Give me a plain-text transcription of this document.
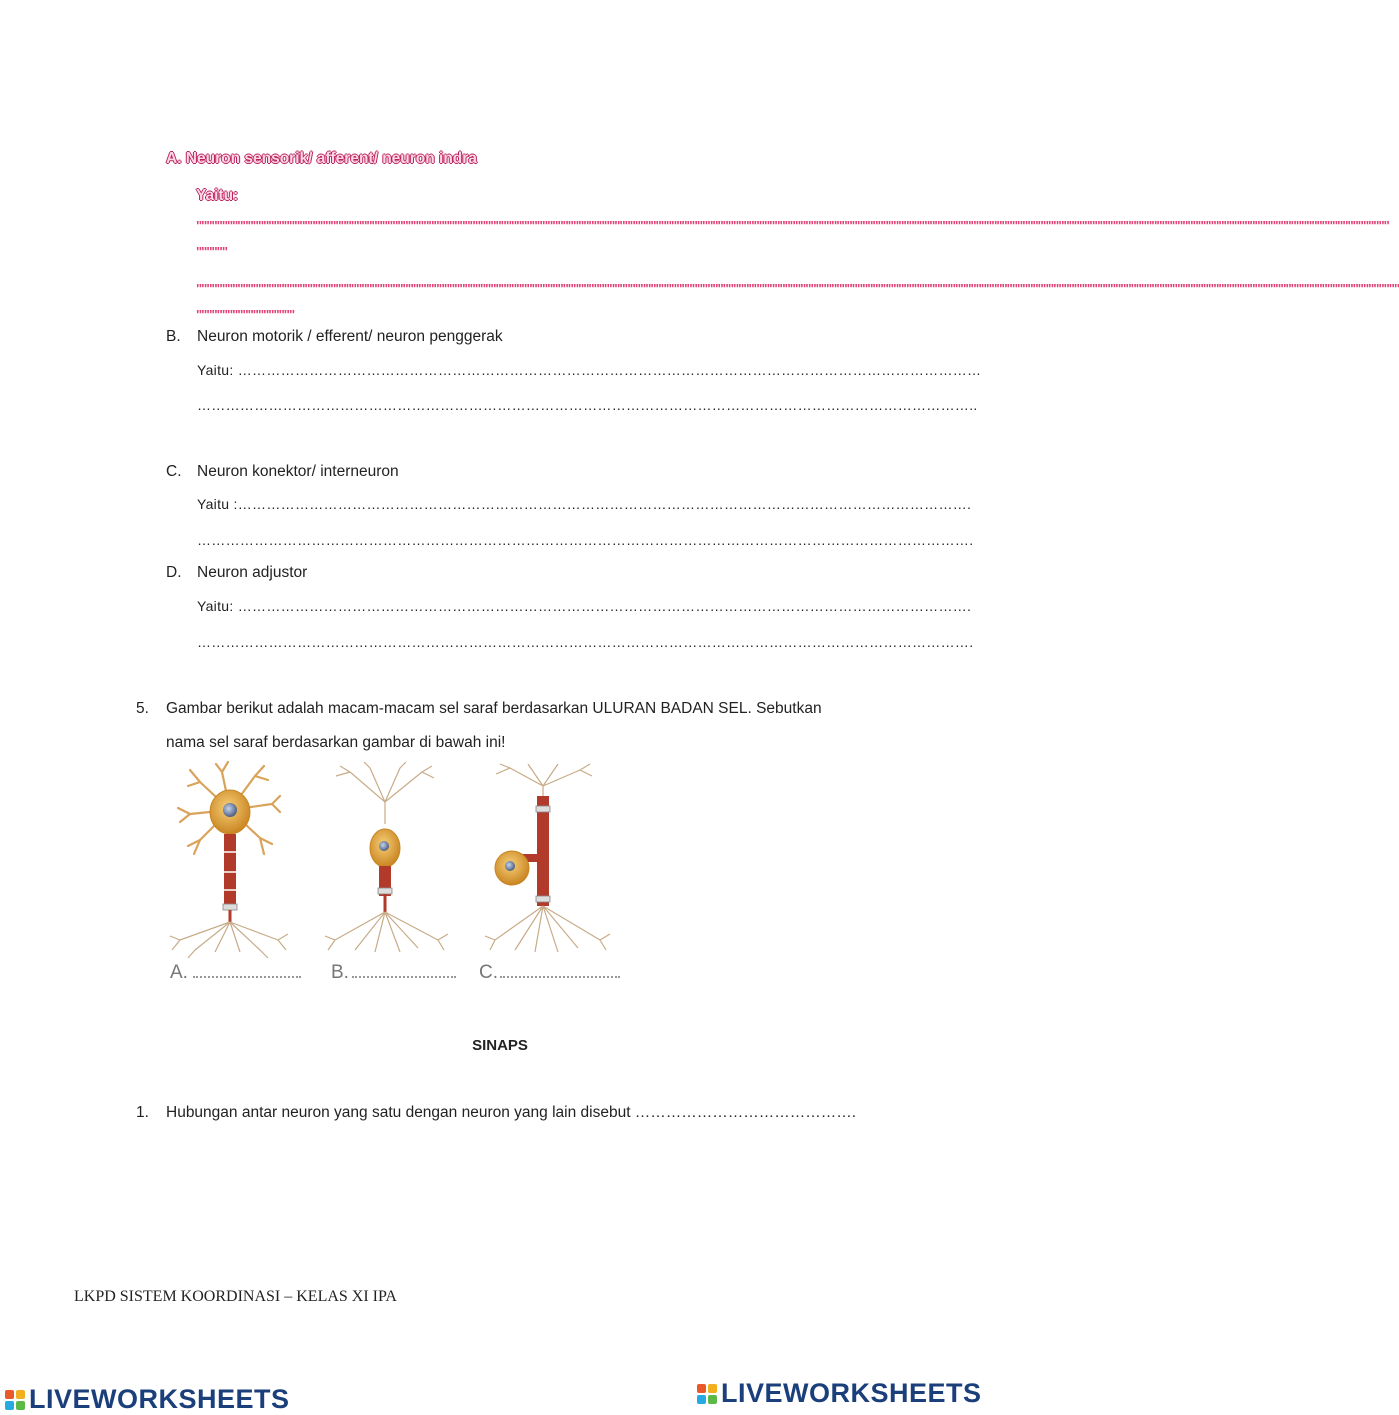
A. Neuron sensorik/ afferent/ neuron indra
Yaitu:
"""""""""""""""""""""""""""""""""""""""""""""""""""""""""""""""""""""""""""""""""""""""""""""""""""""""""""""""""""""""""""""""""""""""""""""""""""""""""""""""""""""""""""""""""""""""""""""""""""""""""""""""""""""""""""""""""""""""
""""""
"""""""""""""""""""""""""""""""""""""""""""""""""""""""""""""""""""""""""""""""""""""""""""""""""""""""""""""""""""""""""""""""""""""""""""""""""""""""""""""""""""""""""""""""""""""""""""""""""""""""""""""""""""""""""""""""""""""""""
"""""""""""""""""""
B. Neuron motorik / efferent/ neuron penggerak
Yaitu: …………………………………………………………………………………………………………………………………………
………………………………………………………………………………………………………………………………………………..
C. Neuron konektor/ interneuron
Yaitu :……………………………………………………………………………………………………………………………………….
……………………………………………………………………………………………………………………………………………….
D. Neuron adjustor
Yaitu: ……………………………………………………………………………………………………………………………………….
……………………………………………………………………………………………………………………………………………….
5. Gambar berikut adalah macam-macam sel saraf berdasarkan ULURAN BADAN SEL. Sebutkan
nama sel saraf berdasarkan gambar di bawah ini!
A.	B.	C.
SINAPS
1. Hubungan antar neuron yang satu dengan neuron yang lain disebut …………………………………….
LKPD SISTEM KOORDINASI – KELAS XI IPA
LIVEWORKSHEETS	LIVEWORKSHEETS
